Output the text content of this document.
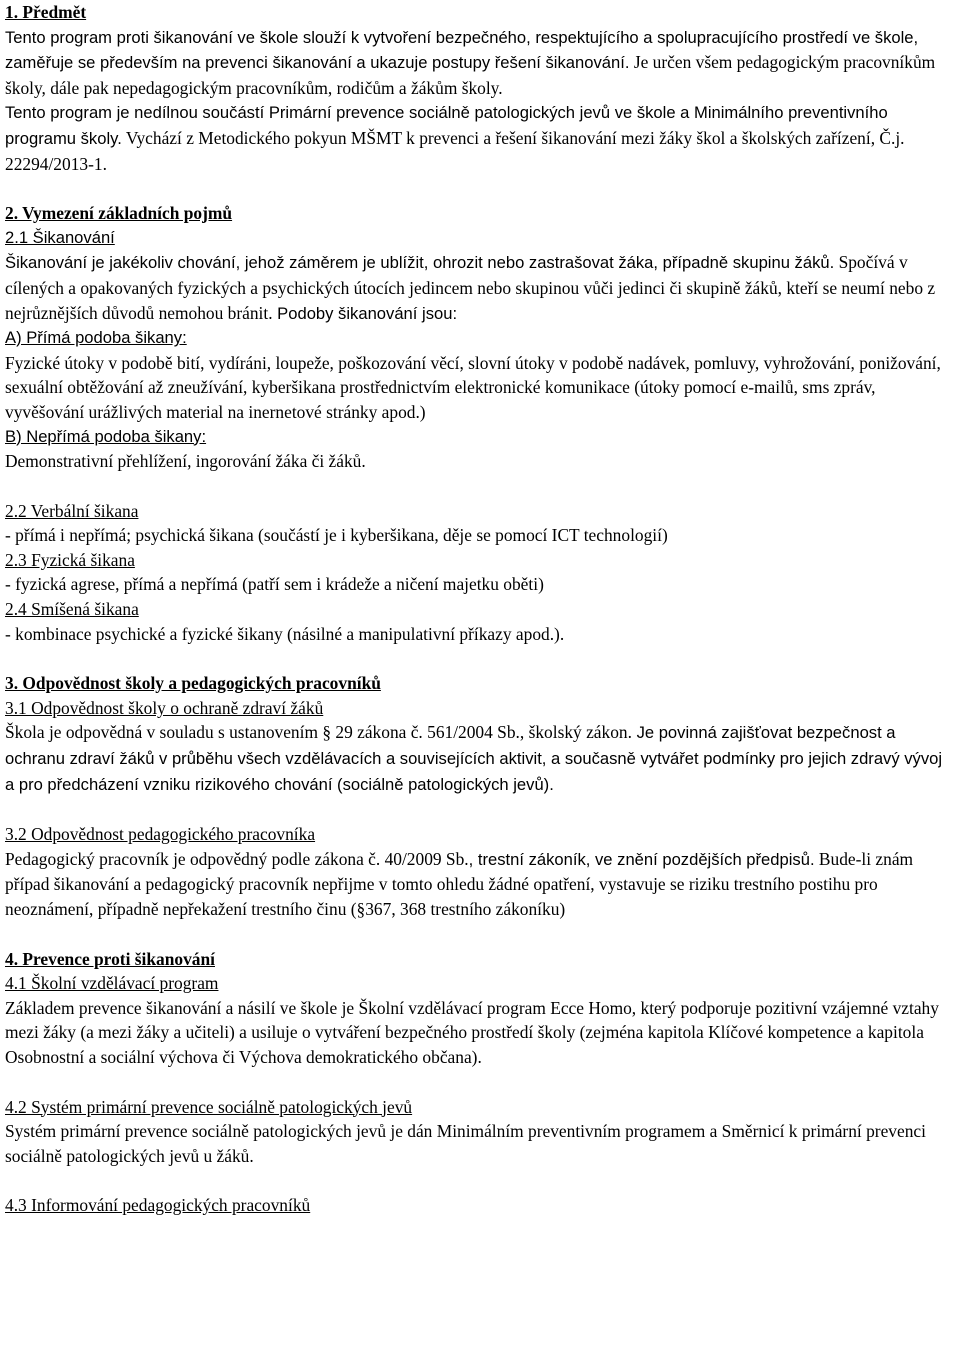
1. Předmět

Tento program proti šikanování ve škole slouží k vytvoření bezpečného, respektujícího a spolupracujícího prostředí ve škole, zaměřuje se především na prevenci šikanování a ukazuje postupy řešení šikanování. Je určen všem pedagogickým pracovníkům školy, dále pak nepedagogickým pracovníkům, rodičům a žákům školy.

Tento program je nedílnou součástí Primární prevence sociálně patologických jevů ve škole a Minimálního preventivního programu školy. Vychází z Metodického pokyun MŠMT k prevenci a řešení šikanování mezi žáky škol a školských zařízení, Č.j. 22294/2013-1.

2. Vymezení základních pojmů

2.1 Šikanování

Šikanování je jakékoliv chování, jehož záměrem je ublížit, ohrozit nebo zastrašovat žáka, případně skupinu žáků. Spočívá v cílených a opakovaných fyzických a psychických útocích jedincem nebo skupinou vůči jedinci či skupině žáků, kteří se neumí nebo z nejrůznějších důvodů nemohou bránit. Podoby šikanování jsou:

A) Přímá podoba šikany:

Fyzické útoky v podobě bití, vydíráni, loupeže, poškozování věcí, slovní útoky v podobě nadávek, pomluvy, vyhrožování, ponižování, sexuální obtěžování až zneužívání, kyberšikana prostřednictvím elektronické komunikace (útoky pomocí e-mailů, sms zpráv, vyvěšování urážlivých material na inernetové stránky apod.)

B) Nepřímá podoba šikany:

Demonstrativní přehlížení, ingorování žáka či žáků.

2.2 Verbální šikana

- přímá i nepřímá; psychická šikana (součástí je i kyberšikana, děje se pomocí ICT technologií)

2.3 Fyzická šikana

- fyzická agrese, přímá a nepřímá (patří sem i krádeže a ničení majetku oběti)

2.4 Smíšená šikana

- kombinace psychické a fyzické šikany (násilné a manipulativní příkazy apod.).

3. Odpovědnost školy a pedagogických pracovníků

3.1 Odpovědnost školy o ochraně zdraví žáků

Škola je odpovědná v souladu s ustanovením § 29 zákona č. 561/2004 Sb., školský zákon. Je povinná zajišťovat bezpečnost a ochranu zdraví žáků v průběhu všech vzdělávacích a souvisejících aktivit, a současně vytvářet podmínky pro jejich zdravý vývoj a pro předcházení vzniku rizikového chování (sociálně patologických jevů).

3.2 Odpovědnost pedagogického pracovníka

Pedagogický pracovník je odpovědný podle zákona č. 40/2009 Sb., trestní zákoník, ve znění pozdějších předpisů. Bude-li znám případ šikanování a pedagogický pracovník nepřijme v tomto ohledu žádné opatření, vystavuje se riziku trestního postihu pro neoznámení, případně nepřekažení trestního činu (§367, 368 trestního zákoníku)

4. Prevence proti šikanování

4.1 Školní vzdělávací program

Základem prevence šikanování a násilí ve škole je Školní vzdělávací program Ecce Homo, který podporuje pozitivní vzájemné vztahy mezi žáky (a mezi žáky a učiteli) a usiluje o vytváření bezpečného prostředí školy (zejména kapitola Klíčové kompetence a kapitola Osobnostní a sociální výchova či Výchova demokratického občana).

4.2 Systém primární prevence sociálně patologických jevů

Systém primární prevence sociálně patologických jevů je dán Minimálním preventivním programem a Směrnicí k primární prevenci sociálně patologických jevů u žáků.

4.3 Informování pedagogických pracovníků
